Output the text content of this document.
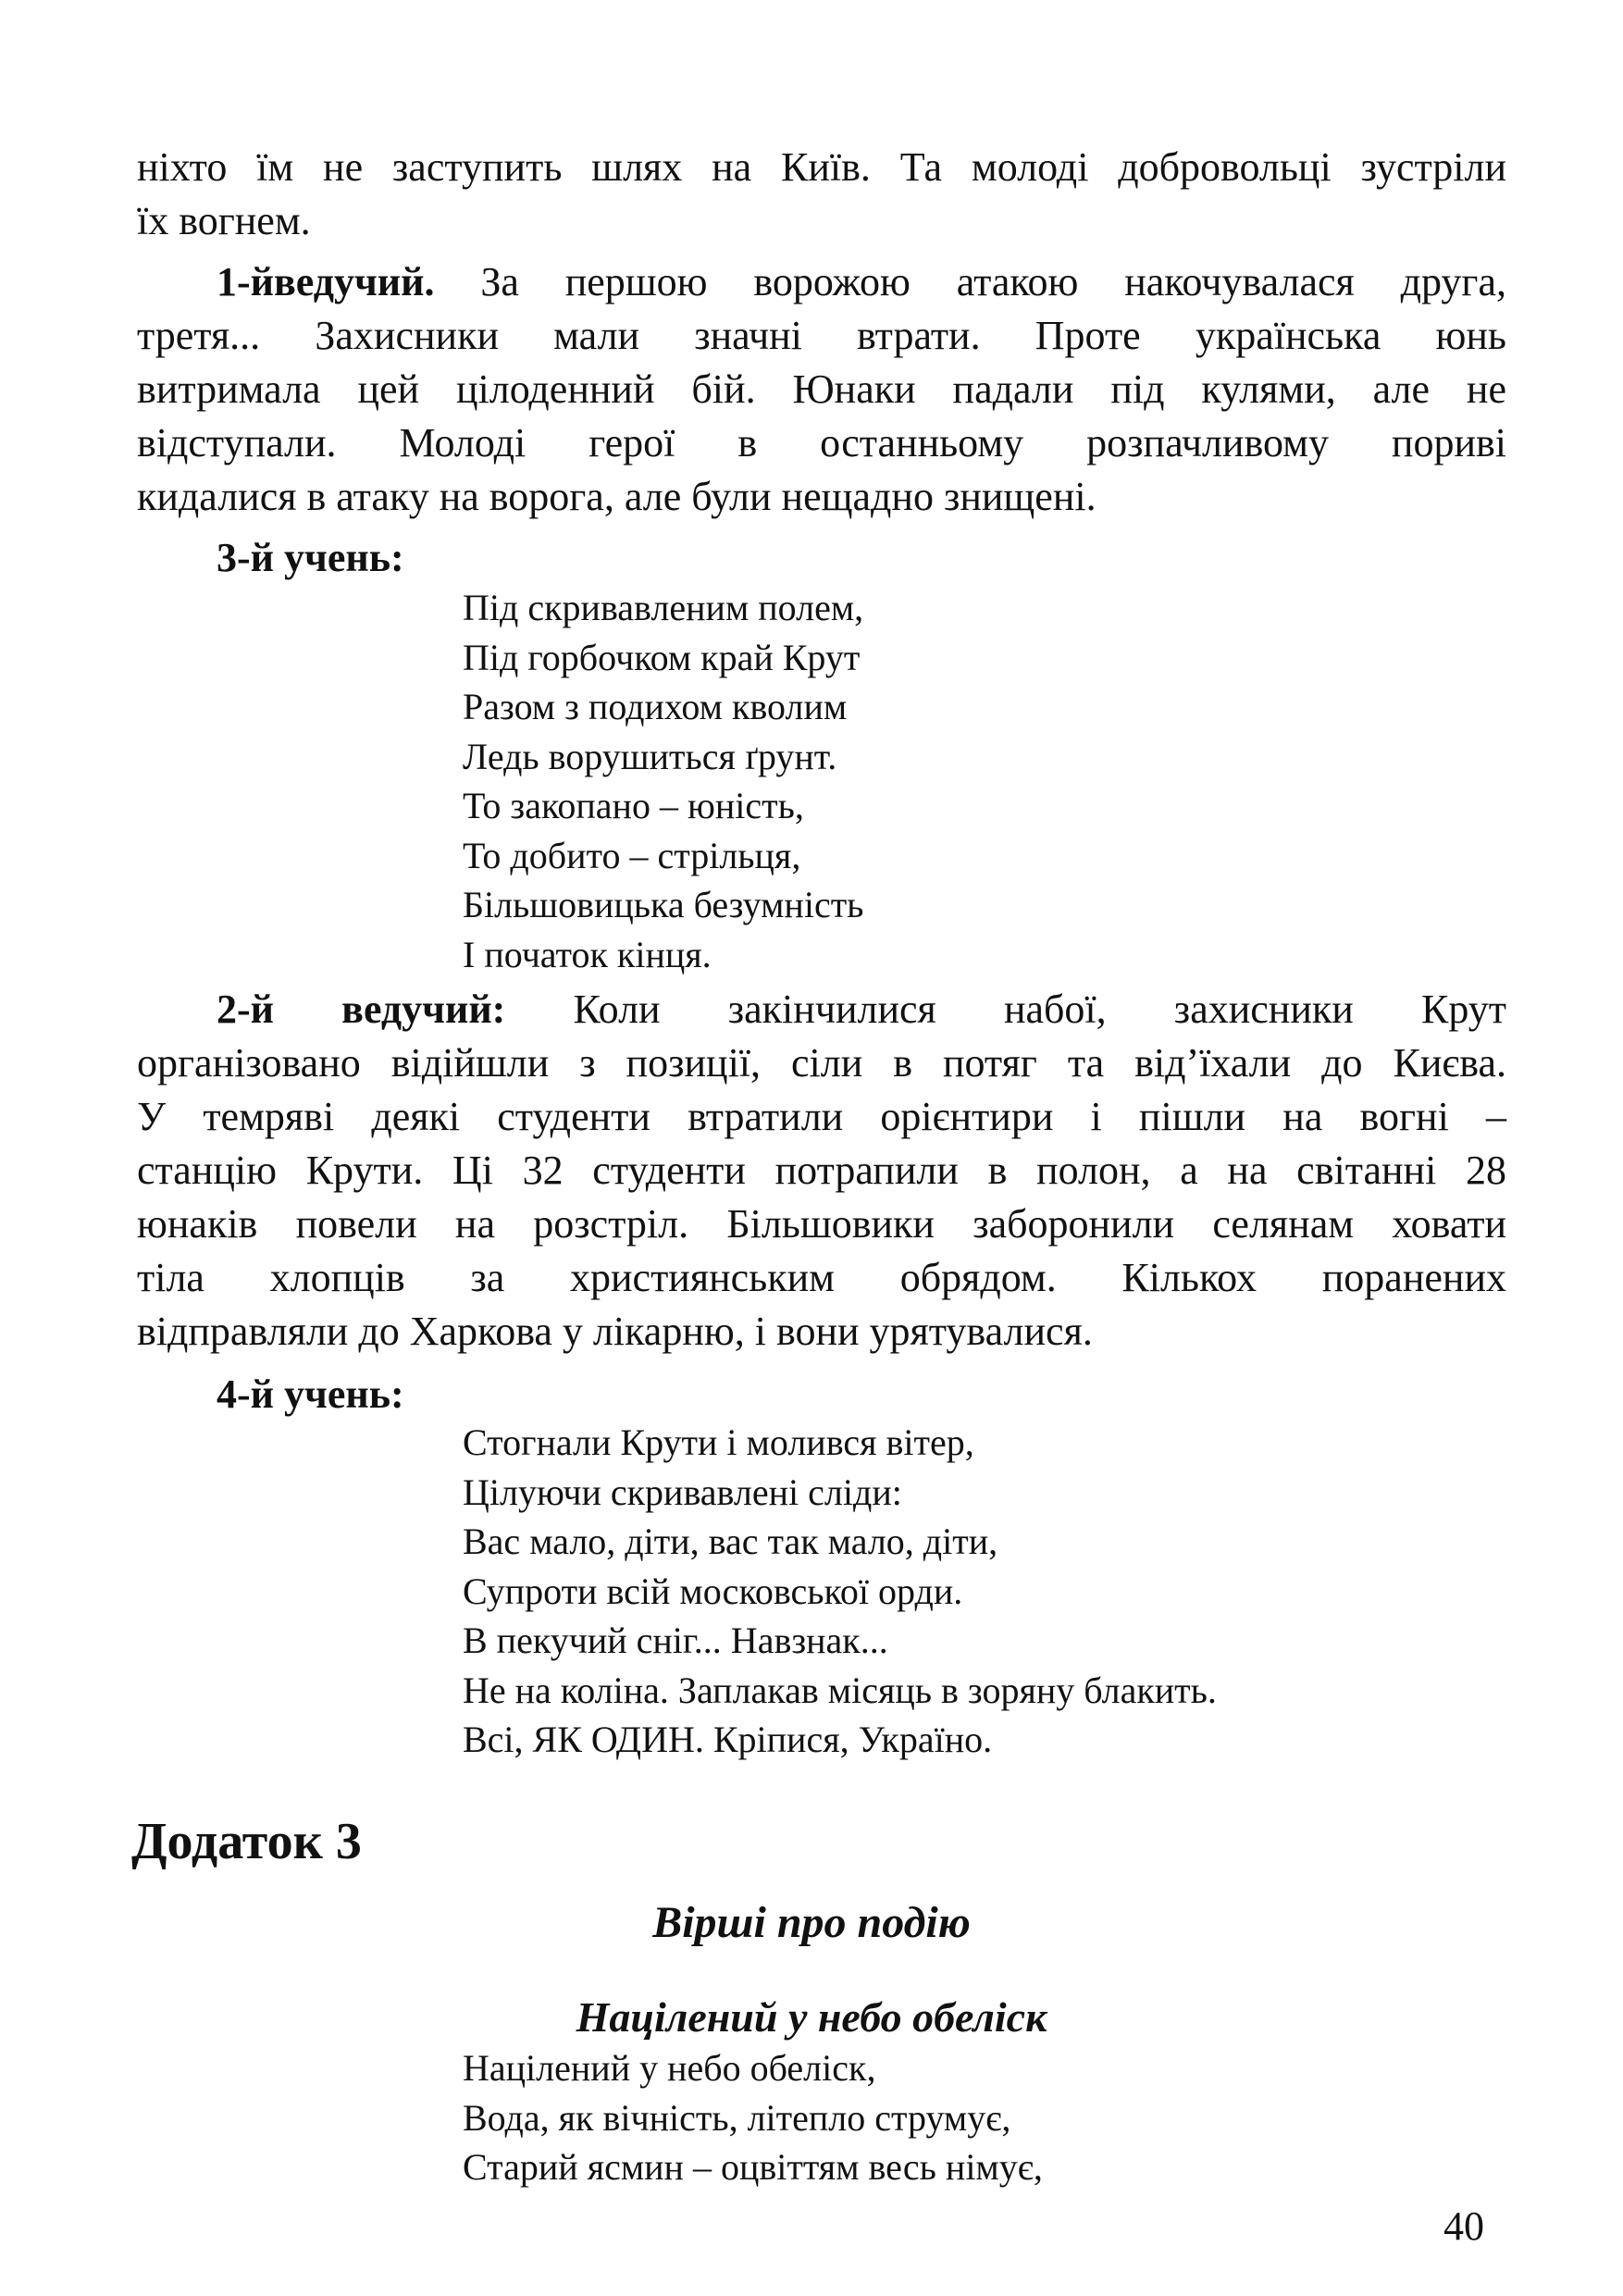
ніхто їм не заступить шлях на Київ. Та молоді добровольці зустріли
їх вогнем.
1-йведучий. За першою ворожою атакою накочувалася друга,
третя... Захисники мали значні втрати. Проте українська юнь
витримала цей цілоденний бій. Юнаки падали під кулями, але не
відступали. Молоді герої в останньому розпачливому пориві
кидалися в атаку на ворога, але були нещадно знищені.
3-й учень:
Під скривавленим полем,
Під горбочком край Крут
Разом з подихом кволим
Ледь ворушиться ґрунт.
То закопано – юність,
То добито – стрільця,
Більшовицька безумність
І початок кінця.
2-й ведучий: Коли закінчилися набої, захисники Крут
організовано відійшли з позиції, сіли в потяг та від’їхали до Києва.
У темряві деякі студенти втратили орієнтири і пішли на вогні –
станцію Крути. Ці 32 студенти потрапили в полон, а на світанні 28
юнаків повели на розстріл. Більшовики заборонили селянам ховати
тіла хлопців за християнським обрядом. Кількох поранених
відправляли до Харкова у лікарню, і вони урятувалися.
4-й учень:
Стогнали Крути і молився вітер,
Цілуючи скривавлені сліди:
Вас мало, діти, вас так мало, діти,
Супроти всій московської орди.
В пекучий сніг... Навзнак...
Не на коліна. Заплакав місяць в зоряну блакить.
Всі, ЯК ОДИН. Кріпися, Україно.
Додаток 3
Вірші про подію
Націлений у небо обеліск
Націлений у небо обеліск,
Вода, як вічність, літепло струмує,
Старий ясмин – оцвіттям весь німує,
40
